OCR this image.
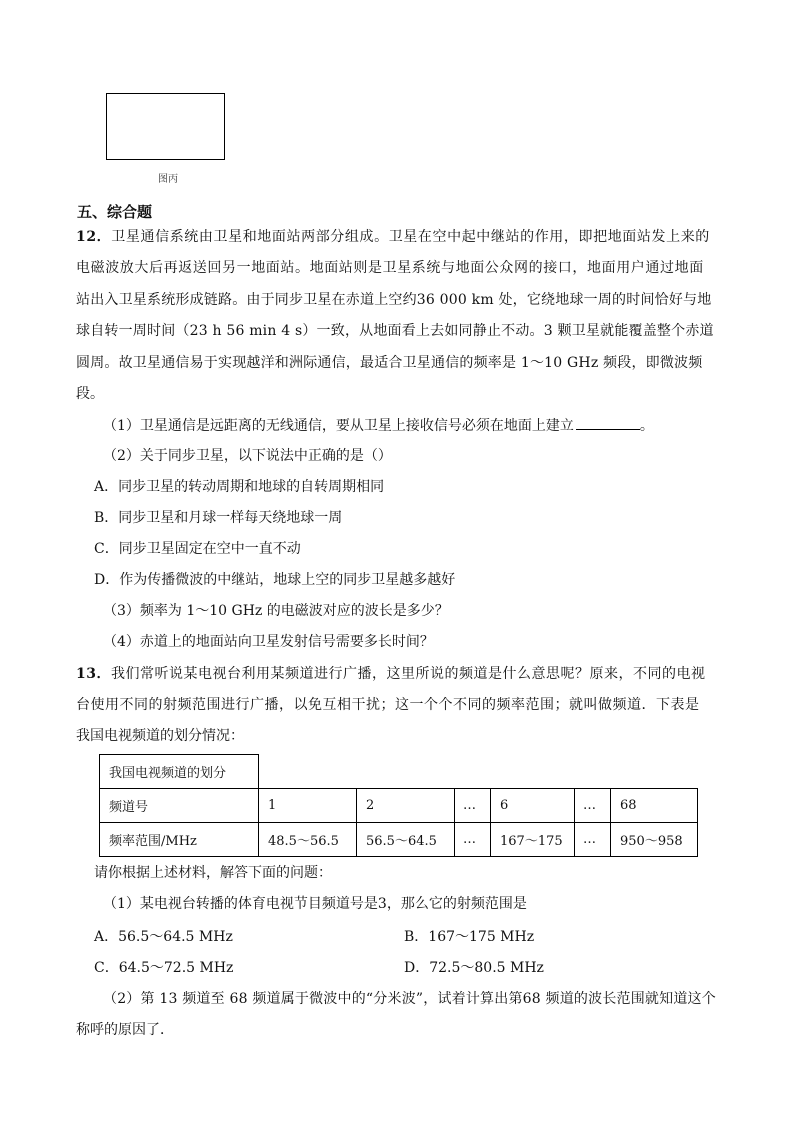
图丙
五、综合题
12．卫星通信系统由卫星和地面站两部分组成。卫星在空中起中继站的作用，即把地面站发上来的
电磁波放大后再返送回另一地面站。地面站则是卫星系统与地面公众网的接口，地面用户通过地面
站出入卫星系统形成链路。由于同步卫星在赤道上空约36 000 km 处，它绕地球一周的时间恰好与地
球自转一周时间（23 h 56 min 4 s）一致，从地面看上去如同静止不动。3 颗卫星就能覆盖整个赤道
圆周。故卫星通信易于实现越洋和洲际通信，最适合卫星通信的频率是 1～10 GHz 频段，即微波频
段。
（1）卫星通信是远距离的无线通信，要从卫星上接收信号必须在地面上建立	。
（2）关于同步卫星，以下说法中正确的是（）
A．同步卫星的转动周期和地球的自转周期相同
B．同步卫星和月球一样每天绕地球一周
C．同步卫星固定在空中一直不动
D．作为传播微波的中继站，地球上空的同步卫星越多越好
（3）频率为 1～10 GHz 的电磁波对应的波长是多少？
（4）赤道上的地面站向卫星发射信号需要多长时间？
13．我们常听说某电视台利用某频道进行广播，这里所说的频道是什么意思呢？原来，不同的电视
台使用不同的射频范围进行广播，以免互相干扰；这一个个不同的频率范围；就叫做频道．下表是
我国电视频道的划分情况：
我国电视频道的划分						
频道号	1	2	…	6	…	68
频率范围/MHz	48.5～56.5	56.5～64.5	…	167～175	…	950～958
请你根据上述材料，解答下面的问题：
（1）某电视台转播的体育电视节目频道号是3，那么它的射频范围是
A．56.5～64.5 MHz	B．167～175 MHz
C．64.5～72.5 MHz	D．72.5～80.5 MHz
（2）第 13 频道至 68 频道属于微波中的“分米波”，试着计算出第68 频道的波长范围就知道这个
称呼的原因了．
